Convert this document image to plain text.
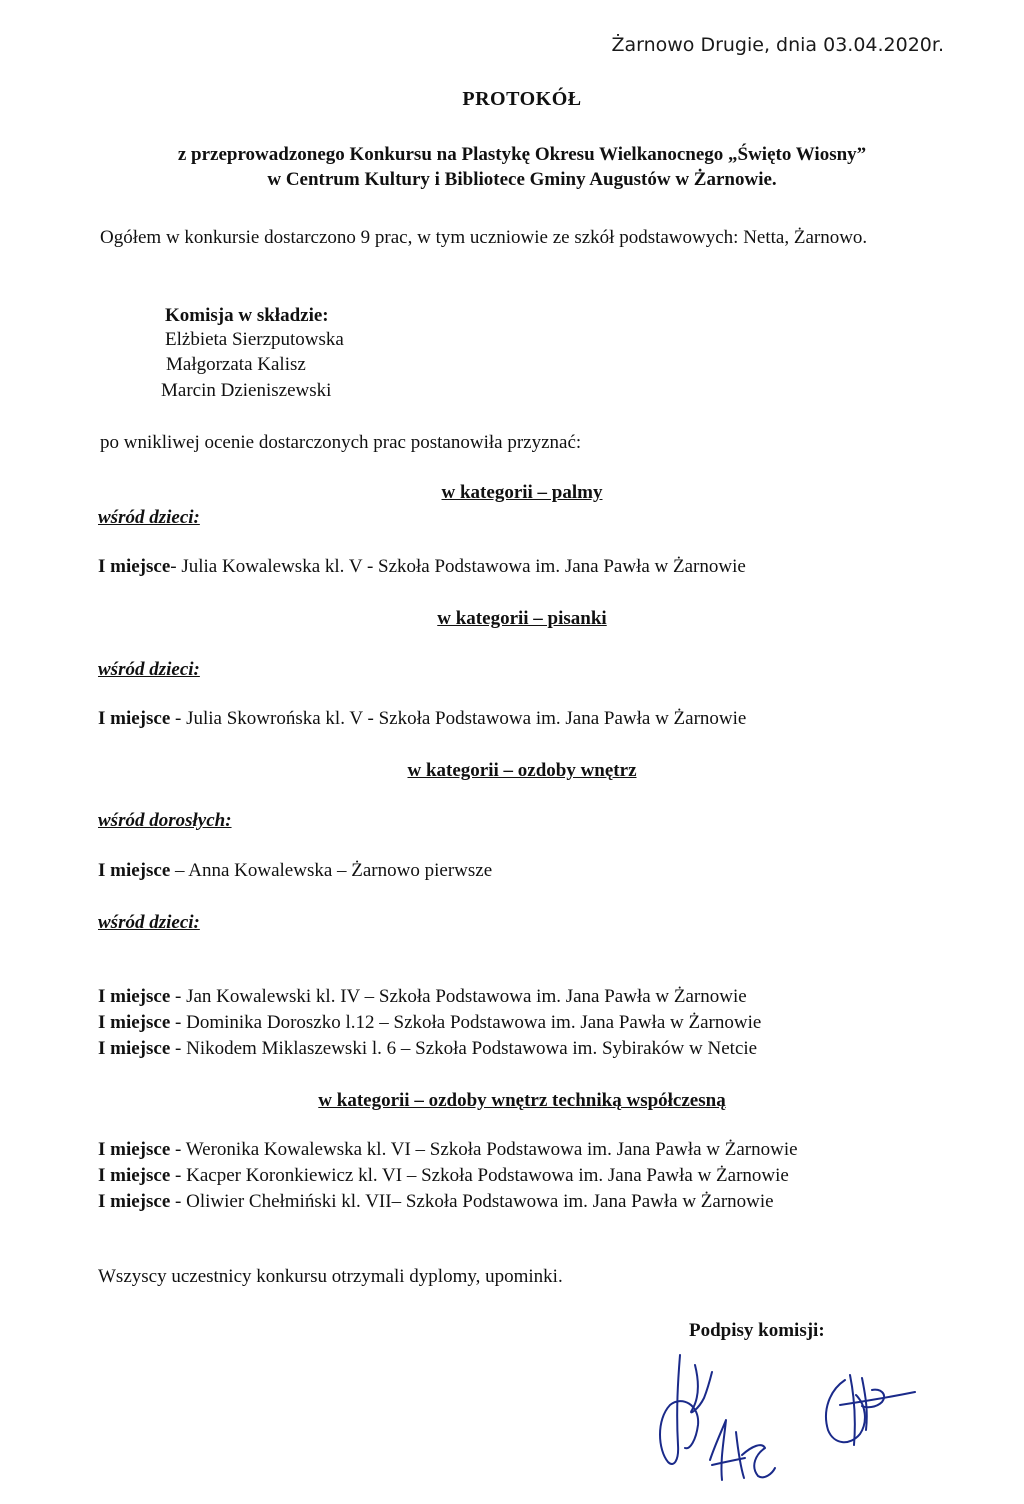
Żarnowo Drugie, dnia 03.04.2020r.
PROTOKÓŁ
z przeprowadzonego Konkursu na Plastykę Okresu Wielkanocnego „Święto Wiosny”
w Centrum Kultury i Bibliotece Gminy Augustów w Żarnowie.
Ogółem w konkursie dostarczono 9 prac, w tym uczniowie ze szkół podstawowych: Netta, Żarnowo.
Komisja w składzie:
Elżbieta Sierzputowska
Małgorzata Kalisz
Marcin Dzieniszewski
po wnikliwej ocenie dostarczonych prac postanowiła przyznać:
w kategorii – palmy
wśród dzieci:
I miejsce- Julia Kowalewska kl. V - Szkoła Podstawowa im. Jana Pawła w Żarnowie
w kategorii – pisanki
wśród dzieci:
I miejsce - Julia Skowrońska kl. V - Szkoła Podstawowa im. Jana Pawła w Żarnowie
w kategorii – ozdoby wnętrz
wśród dorosłych:
I miejsce – Anna Kowalewska – Żarnowo pierwsze
wśród dzieci:
I miejsce - Jan Kowalewski kl. IV – Szkoła Podstawowa im. Jana Pawła w Żarnowie
I miejsce - Dominika Doroszko l.12 – Szkoła Podstawowa im. Jana Pawła w Żarnowie
I miejsce - Nikodem Miklaszewski l. 6 – Szkoła Podstawowa im. Sybiraków w Netcie
w kategorii – ozdoby wnętrz techniką współczesną
I miejsce - Weronika Kowalewska kl. VI – Szkoła Podstawowa im. Jana Pawła w Żarnowie
I miejsce - Kacper Koronkiewicz kl. VI – Szkoła Podstawowa im. Jana Pawła w Żarnowie
I miejsce - Oliwier Chełmiński kl. VII– Szkoła Podstawowa im. Jana Pawła w Żarnowie
Wszyscy uczestnicy konkursu otrzymali dyplomy, upominki.
Podpisy komisji:
